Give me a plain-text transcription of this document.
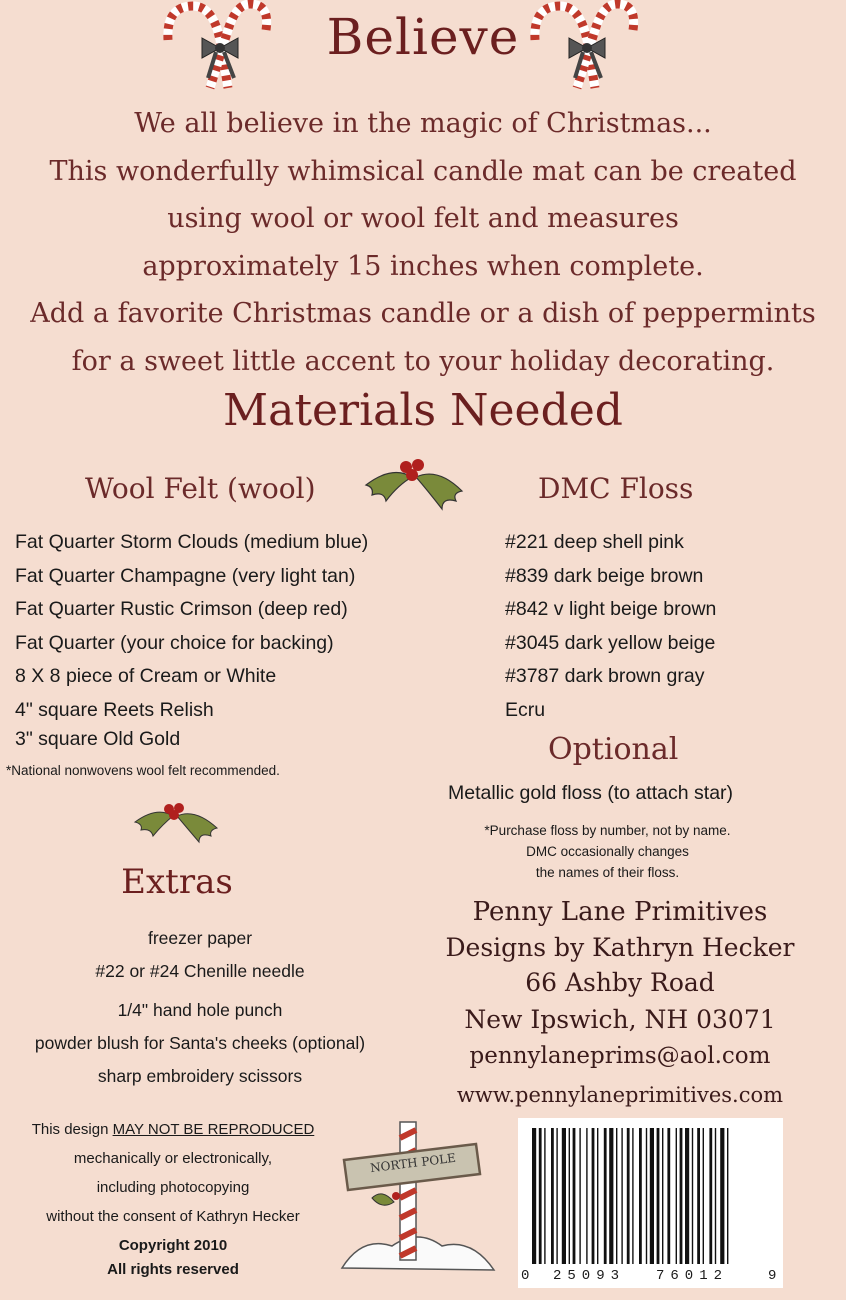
Believe
We all believe in the magic of Christmas...
This wonderfully whimsical candle mat can be created
using wool or wool felt and measures
approximately 15 inches when complete.
Add a favorite Christmas candle or a dish of peppermints
for a sweet little accent to your holiday decorating.
Materials Needed
Wool Felt (wool)	DMC Floss
Fat Quarter Storm Clouds (medium blue)
Fat Quarter Champagne (very light tan)
Fat Quarter Rustic Crimson (deep red)
Fat Quarter (your choice for backing)
8 X 8 piece of Cream or White
4" square Reets Relish
3" square Old Gold
*National nonwovens wool felt recommended.
#221 deep shell pink
#839 dark beige brown
#842 v light beige brown
#3045 dark yellow beige
#3787 dark brown gray
Ecru
Optional
Metallic gold floss (to attach star)
*Purchase floss by number, not by name.
DMC occasionally changes
the names of their floss.
Extras
freezer paper
#22 or #24 Chenille needle
1/4" hand hole punch
powder blush for Santa's cheeks (optional)
sharp embroidery scissors
Penny Lane Primitives
Designs by Kathryn Hecker
66 Ashby Road
New Ipswich, NH 03071
pennylaneprims@aol.com
www.pennylaneprimitives.com
This design MAY NOT BE REPRODUCED
mechanically or electronically,
including photocopying
without the consent of Kathryn Hecker
Copyright 2010
All rights reserved
NORTH POLE
0 25093 76012	9
